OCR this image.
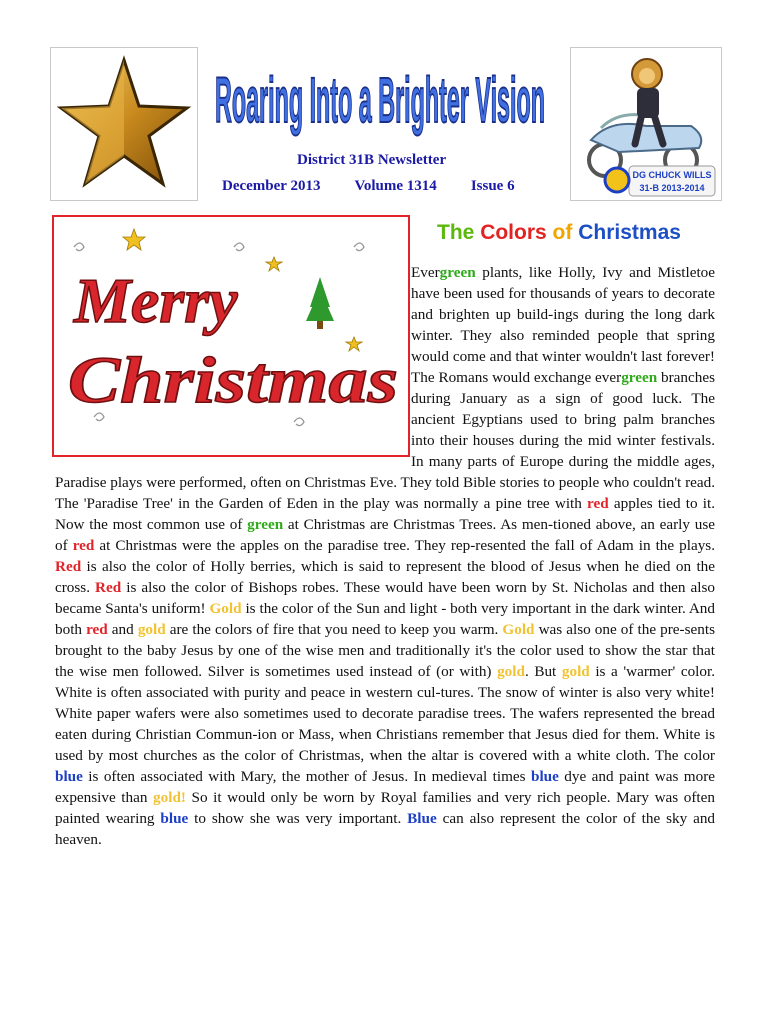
Roaring Into a Brighter Vision
District 31B Newsletter
December 2013 Volume 1314 Issue 6
DG CHUCK WILLS
31-B 2013-2014
Merry
Christmas
The Colors of Christmas
Evergreen plants, like Holly, Ivy and Mistletoe have been used for thousands of years to decorate and brighten up build-ings during the long dark winter. They also reminded people that spring would come and that winter wouldn't last forever! The Romans would exchange evergreen branches during January as a sign of good luck. The ancient Egyptians used to bring palm branches into their houses during the mid winter festivals. In many parts of Europe during the middle ages, Paradise plays were performed, often on Christmas Eve. They told Bible stories to people who couldn't read. The 'Paradise Tree' in the Garden of Eden in the play was normally a pine tree with red apples tied to it. Now the most common use of green at Christmas are Christmas Trees. As men-tioned above, an early use of red at Christmas were the apples on the paradise tree. They rep-resented the fall of Adam in the plays. Red is also the color of Holly berries, which is said to represent the blood of Jesus when he died on the cross. Red is also the color of Bishops robes. These would have been worn by St. Nicholas and then also became Santa's uniform! Gold is the color of the Sun and light - both very important in the dark winter. And both red and gold are the colors of fire that you need to keep you warm. Gold was also one of the pre-sents brought to the baby Jesus by one of the wise men and traditionally it's the color used to show the star that the wise men followed. Silver is sometimes used instead of (or with) gold. But gold is a 'warmer' color. White is often associated with purity and peace in western cul-tures. The snow of winter is also very white! White paper wafers were also sometimes used to decorate paradise trees. The wafers represented the bread eaten during Christian Commun-ion or Mass, when Christians remember that Jesus died for them. White is used by most churches as the color of Christmas, when the altar is covered with a white cloth. The color blue is often associated with Mary, the mother of Jesus. In medieval times blue dye and paint was more expensive than gold! So it would only be worn by Royal families and very rich people. Mary was often painted wearing blue to show she was very important. Blue can also represent the color of the sky and heaven.
